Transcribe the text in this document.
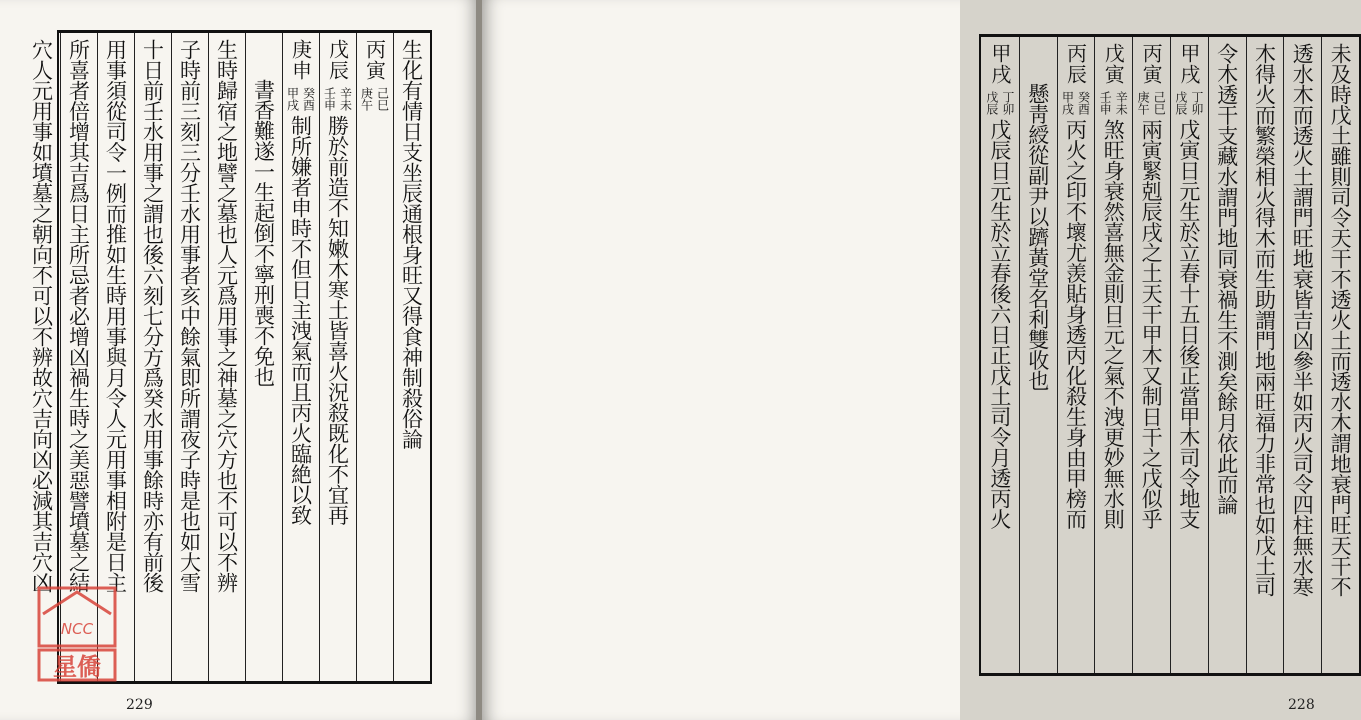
生化有情日支坐辰通根身旺又得食神制殺俗論
丙寅
己巳
庚午
戊辰
辛未
壬申
勝於前造不知嫩木寒土皆喜火況殺既化不宜再
庚申
癸酉
甲戌
制所嫌者申時不但日主洩氣而且丙火臨絶以致
書香難遂一生起倒不寧刑喪不免也
生時歸宿之地譬之墓也人元爲用事之神墓之穴方也不可以不辨
子時前三刻三分壬水用事者亥中餘氣即所謂夜子時是也如大雪
十日前壬水用事之謂也後六刻七分方爲癸水用事餘時亦有前後
用事須從司令一例而推如生時用事與月令人元用事相附是日主
所喜者倍增其吉爲日主所忌者必增凶禍生時之美惡譬墳墓之結
穴人元用事如墳墓之朝向不可以不辨故穴吉向凶必減其吉穴凶
229
NCC
星僑
未及時戊土雖則司令天干不透火土而透水木謂地衰門旺天干不
透水木而透火土謂門旺地衰皆吉凶參半如丙火司令四柱無水寒
木得火而繁榮相火得木而生助謂門地兩旺福力非常也如戊土司
令木透干支藏水謂門地同衰禍生不測矣餘月依此而論
甲戌
丁卯
戊辰
戊寅日元生於立春十五日後正當甲木司令地支
丙寅
己巳
庚午
兩寅緊剋辰戌之土天干甲木又制日干之戊似乎
戊寅
辛未
壬申
煞旺身衰然喜無金則日元之氣不洩更妙無水則
丙辰
癸酉
甲戌
丙火之印不壞尤羡貼身透丙化殺生身由甲榜而
懸靑綬從副尹以躋黃堂名利雙收也
甲戌
丁卯
戊辰
戊辰日元生於立春後六日正戊土司令月透丙火
228
